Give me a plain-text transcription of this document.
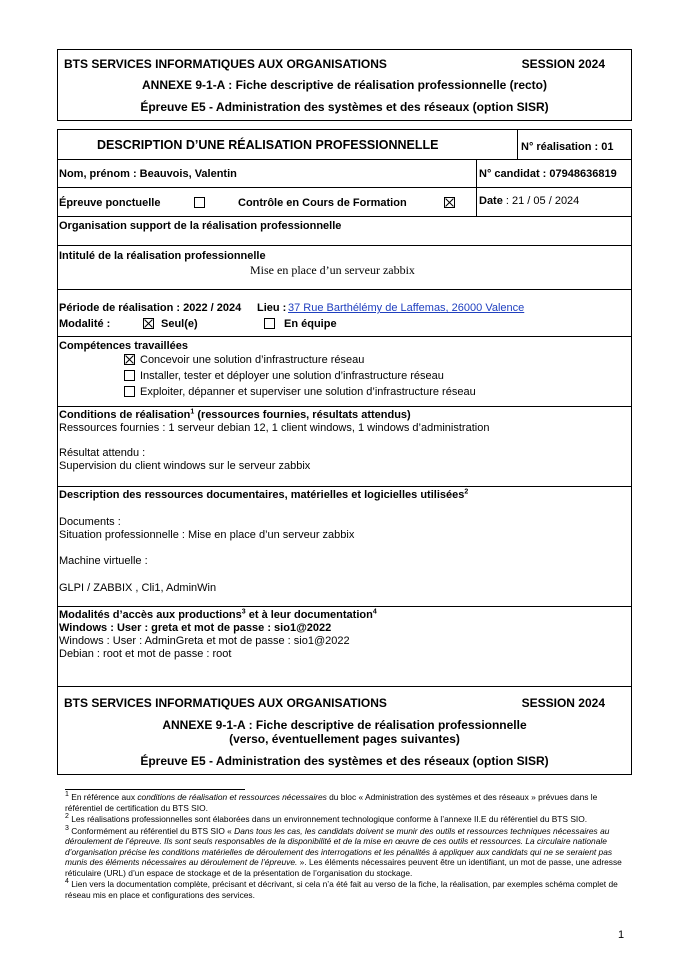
BTS SERVICES INFORMATIQUES AUX ORGANISATIONS	SESSION 2024
ANNEXE 9-1-A : Fiche descriptive de réalisation professionnelle (recto)
Épreuve E5 - Administration des systèmes et des réseaux (option SISR)
DESCRIPTION D’UNE RÉALISATION PROFESSIONNELLE	N° réalisation : 01
Nom, prénom : Beauvois, Valentin	N° candidat : 07948636819
Épreuve ponctuelle	Contrôle en Cours de Formation	Date : 21 / 05 / 2024
Organisation support de la réalisation professionnelle
Intitulé de la réalisation professionnelle
Mise en place d’un serveur zabbix
Période de réalisation : 2022 / 2024 Lieu : 37 Rue Barthélémy de Laffemas, 26000 Valence
Modalité :	Seul(e)	En équipe
Compétences travaillées
Concevoir une solution d’infrastructure réseau
Installer, tester et déployer une solution d’infrastructure réseau
Exploiter, dépanner et superviser une solution d’infrastructure réseau
Conditions de réalisation$^1$ (ressources fournies, résultats attendus)
Ressources fournies : 1 serveur debian 12, 1 client windows, 1 windows d’administration
Résultat attendu :
Supervision du client windows sur le serveur zabbix
Description des ressources documentaires, matérielles et logicielles utilisées$^2$
Documents :
Situation professionnelle : Mise en place d’un serveur zabbix
Machine virtuelle :
GLPI / ZABBIX , Cli1, AdminWin
Modalités d’accès aux productions$^3$ et à leur documentation$^4$
Windows : User : greta et mot de passe : sio1@2022
Windows : User : AdminGreta et mot de passe : sio1@2022
Debian : root et mot de passe : root
BTS SERVICES INFORMATIQUES AUX ORGANISATIONS	SESSION 2024
ANNEXE 9-1-A : Fiche descriptive de réalisation professionnelle
(verso, éventuellement pages suivantes)
Épreuve E5 - Administration des systèmes et des réseaux (option SISR)

$^1$ En référence aux conditions de réalisation et ressources nécessaires du bloc « Administration des systèmes et des réseaux » prévues dans le référentiel de certification du BTS SIO.

$^2$ Les réalisations professionnelles sont élaborées dans un environnement technologique conforme à l’annexe II.E du référentiel du BTS SIO.

$^3$ Conformément au référentiel du BTS SIO « Dans tous les cas, les candidats doivent se munir des outils et ressources techniques nécessaires au déroulement de l’épreuve. Ils sont seuls responsables de la disponibilité et de la mise en œuvre de ces outils et ressources. La circulaire nationale d’organisation précise les conditions matérielles de déroulement des interrogations et les pénalités à appliquer aux candidats qui ne se seraient pas munis des éléments nécessaires au déroulement de l’épreuve. ». Les éléments nécessaires peuvent être un identifiant, un mot de passe, une adresse réticulaire (URL) d’un espace de stockage et de la présentation de l’organisation du stockage.

$^4$ Lien vers la documentation complète, précisant et décrivant, si cela n’a été fait au verso de la fiche, la réalisation, par exemples schéma complet de réseau mis en place et configurations des services.

1
